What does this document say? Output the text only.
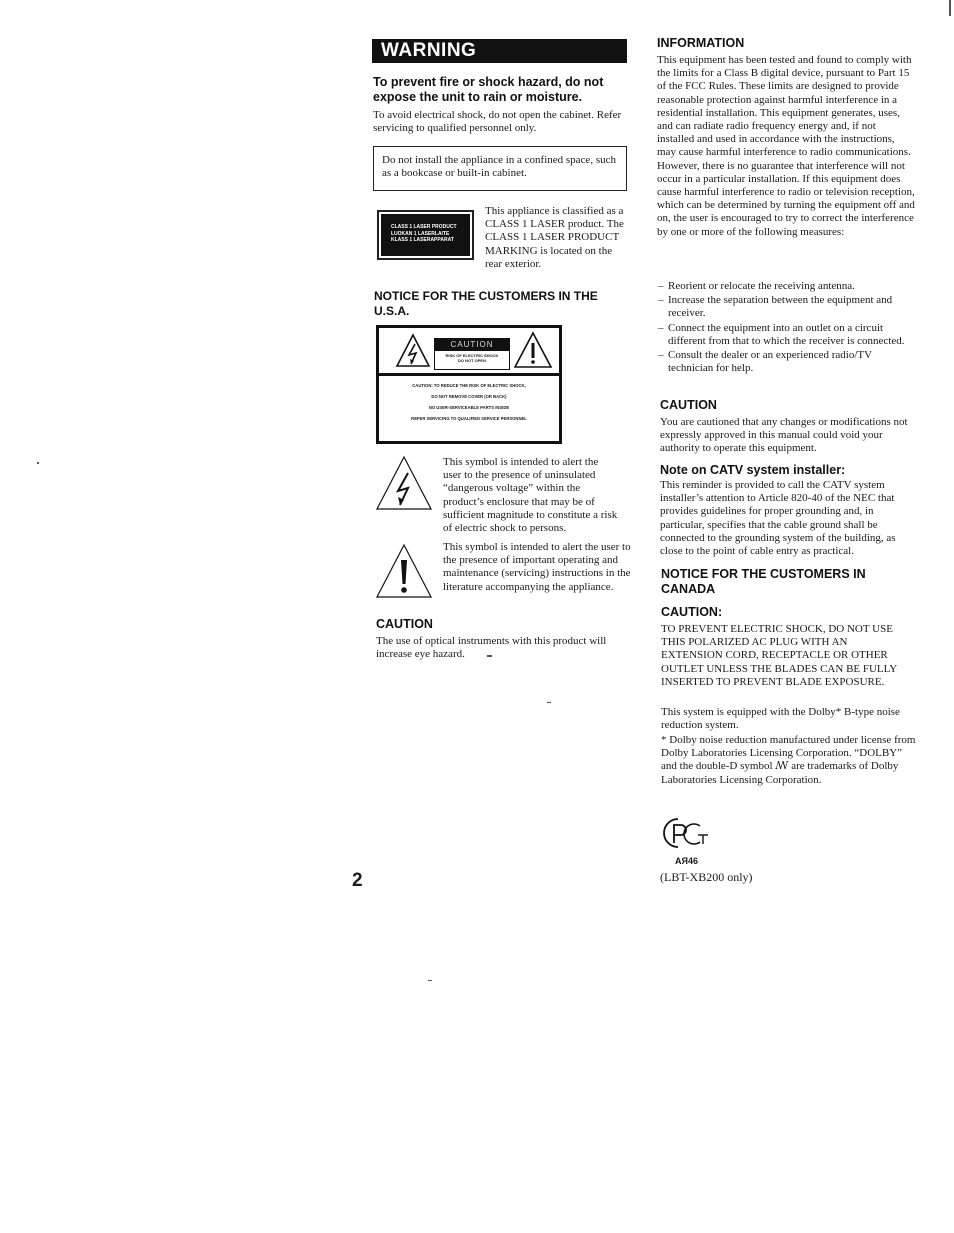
WARNING
To prevent fire or shock hazard, do not expose the unit to rain or moisture.
To avoid electrical shock, do not open the cabinet. Refer servicing to qualified personnel only.
Do not install the appliance in a confined space, such as a bookcase or built-in cabinet.
CLASS 1 LASER PRODUCT
LUOKAN 1 LASERLAITE
KLASS 1 LASERAPPARAT
This appliance is classified as a CLASS 1 LASER product. The CLASS 1 LASER PRODUCT MARKING is located on the rear exterior.
NOTICE FOR THE CUSTOMERS IN THE U.S.A.
CAUTION
RISK OF ELECTRIC SHOCK
DO NOT OPEN
CAUTION: TO REDUCE THE RISK OF ELECTRIC SHOCK,
DO NOT REMOVE COVER (OR BACK)
NO USER-SERVICEABLE PARTS INSIDE
REFER SERVICING TO QUALIFIED SERVICE PERSONNEL
This symbol is intended to alert the user to the presence of uninsulated “dangerous voltage” within the product’s enclosure that may be of sufficient magnitude to constitute a risk of electric shock to persons.
This symbol is intended to alert the user to the presence of important operating and maintenance (servicing) instructions in the literature accompanying the appliance.
CAUTION
The use of optical instruments with this product will increase eye hazard.
2
INFORMATION
This equipment has been tested and found to comply with the limits for a Class B digital device, pursuant to Part 15 of the FCC Rules. These limits are designed to provide reasonable protection against harmful interference in a residential installation. This equipment generates, uses, and can radiate radio frequency energy and, if not installed and used in accordance with the instructions, may cause harmful interference to radio communications. However, there is no guarantee that interference will not occur in a particular installation. If this equipment does cause harmful interference to radio or television reception, which can be determined by turning the equipment off and on, the user is encouraged to try to correct the interference by one or more of the following measures:
– Reorient or relocate the receiving antenna.
– Increase the separation between the equipment and receiver.
– Connect the equipment into an outlet on a circuit different from that to which the receiver is connected.
– Consult the dealer or an experienced radio/TV technician for help.
CAUTION
You are cautioned that any changes or modifications not expressly approved in this manual could void your authority to operate this equipment.
Note on CATV system installer:
This reminder is provided to call the CATV system installer’s attention to Article 820-40 of the NEC that provides guidelines for proper grounding and, in particular, specifies that the cable ground shall be connected to the grounding system of the building, as close to the point of cable entry as practical.
NOTICE FOR THE CUSTOMERS IN CANADA
CAUTION:
TO PREVENT ELECTRIC SHOCK, DO NOT USE THIS POLARIZED AC PLUG WITH AN EXTENSION CORD, RECEPTACLE OR OTHER OUTLET UNLESS THE BLADES CAN BE FULLY INSERTED TO PREVENT BLADE EXPOSURE.
This system is equipped with the Dolby* B-type noise reduction system.
* Dolby noise reduction manufactured under license from Dolby Laboratories Licensing Corporation. “DOLBY” and the double-D symbol ꟿ are trademarks of Dolby Laboratories Licensing Corporation.
АЯ46
(LBT-XB200 only)
